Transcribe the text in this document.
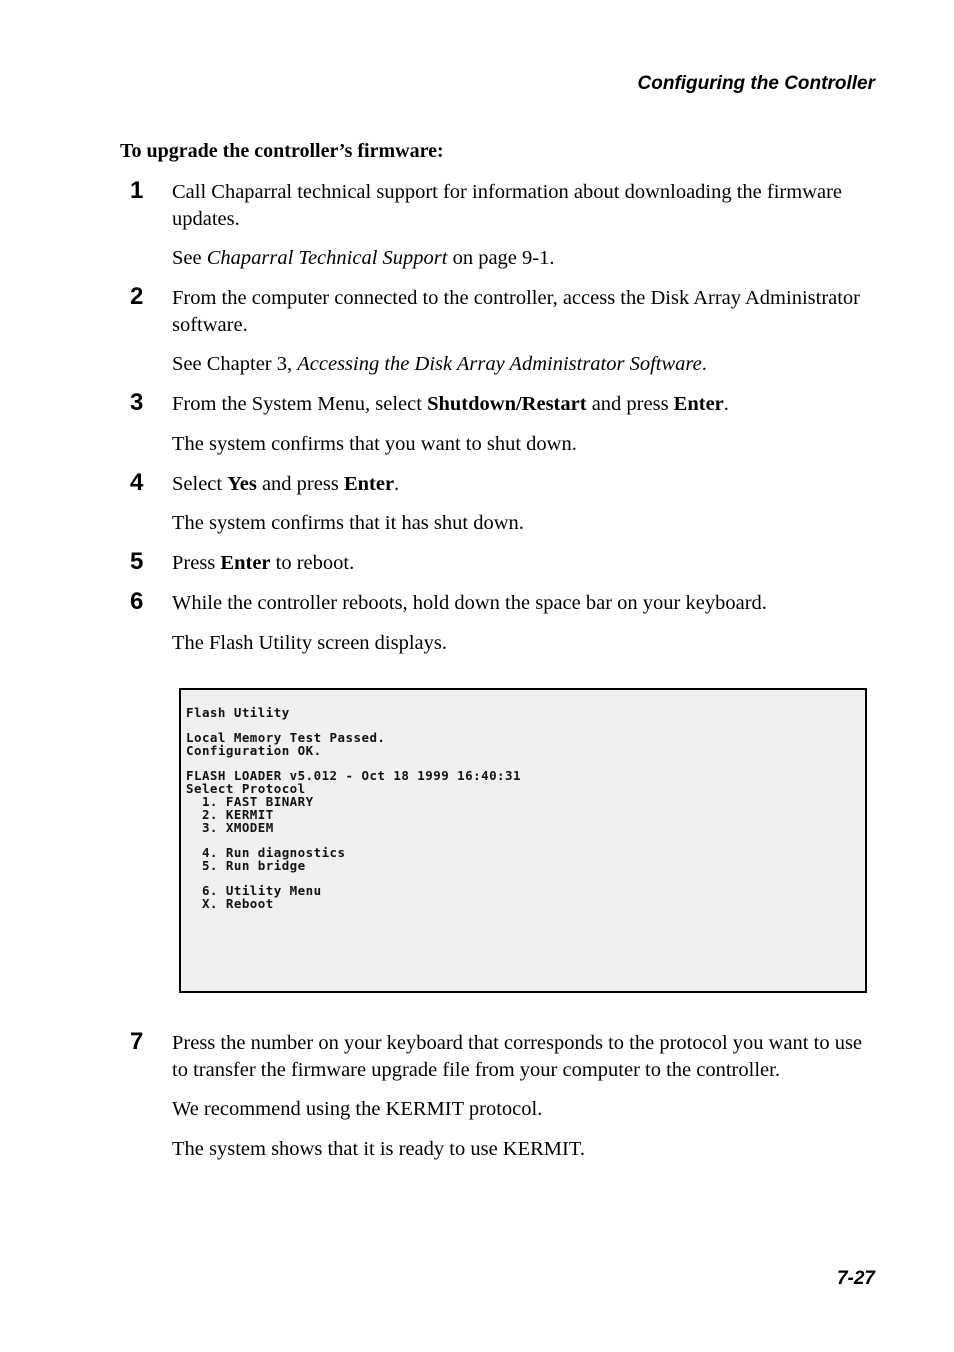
Configuring the Controller
To upgrade the controller’s firmware:
1 Call Chaparral technical support for information about downloading the firmware updates.
See Chaparral Technical Support on page 9-1.
2 From the computer connected to the controller, access the Disk Array Administrator software.
See Chapter 3, Accessing the Disk Array Administrator Software.
3 From the System Menu, select Shutdown/Restart and press Enter.
The system confirms that you want to shut down.
4 Select Yes and press Enter.
The system confirms that it has shut down.
5 Press Enter to reboot.
6 While the controller reboots, hold down the space bar on your keyboard.
The Flash Utility screen displays.
Flash Utility
Local Memory Test Passed.
Configuration OK.
FLASH LOADER v5.012 - Oct 18 1999 16:40:31
Select Protocol
1. FAST BINARY
2. KERMIT
3. XMODEM
4. Run diagnostics
5. Run bridge
6. Utility Menu
X. Reboot
7 Press the number on your keyboard that corresponds to the protocol you want to use to transfer the firmware upgrade file from your computer to the controller.
We recommend using the KERMIT protocol.
The system shows that it is ready to use KERMIT.
7-27
